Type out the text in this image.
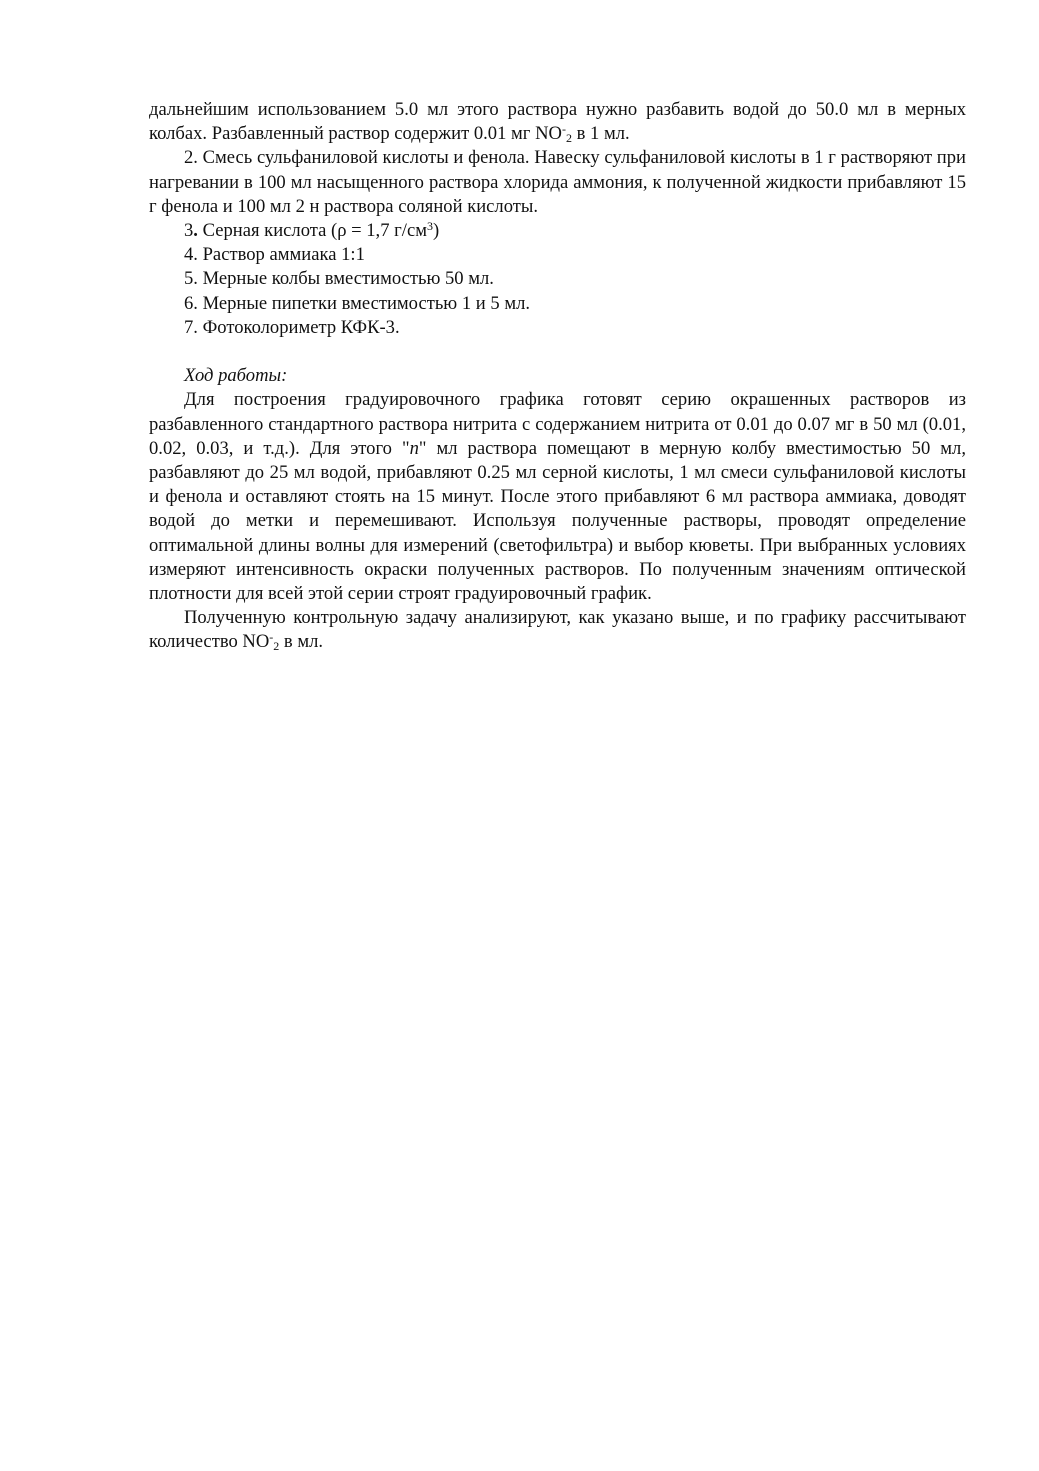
дальнейшим использованием 5.0 мл этого раствора нужно разбавить водой до 50.0 мл в мерных колбах. Разбавленный раствор содержит 0.01 мг $NO^-_2$ в 1 мл.

2. Смесь сульфаниловой кислоты и фенола. Навеску сульфаниловой кислоты в 1 г растворяют при нагревании в 100 мл насыщенного раствора хлорида аммония, к полученной жидкости прибавляют 15 г фенола и 100 мл 2 н раствора соляной кислоты.

3. Серная кислота (ρ = 1,7 $г/см^3$)

4. Раствор аммиака 1:1

5. Мерные колбы вместимостью 50 мл.

6. Мерные пипетки вместимостью 1 и 5 мл.

7. Фотоколориметр КФК-3.

Ход работы:

Для построения градуировочного графика готовят серию окрашенных растворов из разбавленного стандартного раствора нитрита с содержанием нитрита от 0.01 до 0.07 мг в 50 мл (0.01, 0.02, 0.03, и т.д.). Для этого "n" мл раствора помещают в мерную колбу вместимостью 50 мл, разбавляют до 25 мл водой, прибавляют 0.25 мл серной кислоты, 1 мл смеси сульфаниловой кислоты и фенола и оставляют стоять на 15 минут. После этого прибавляют 6 мл раствора аммиака, доводят водой до метки и перемешивают. Используя полученные растворы, проводят определение оптимальной длины волны для измерений (светофильтра) и выбор кюветы. При выбранных условиях измеряют интенсивность окраски полученных растворов. По полученным значениям оптической плотности для всей этой серии строят градуировочный график.

Полученную контрольную задачу анализируют, как указано выше, и по графику рассчитывают количество $NO^-_2$ в мл.
